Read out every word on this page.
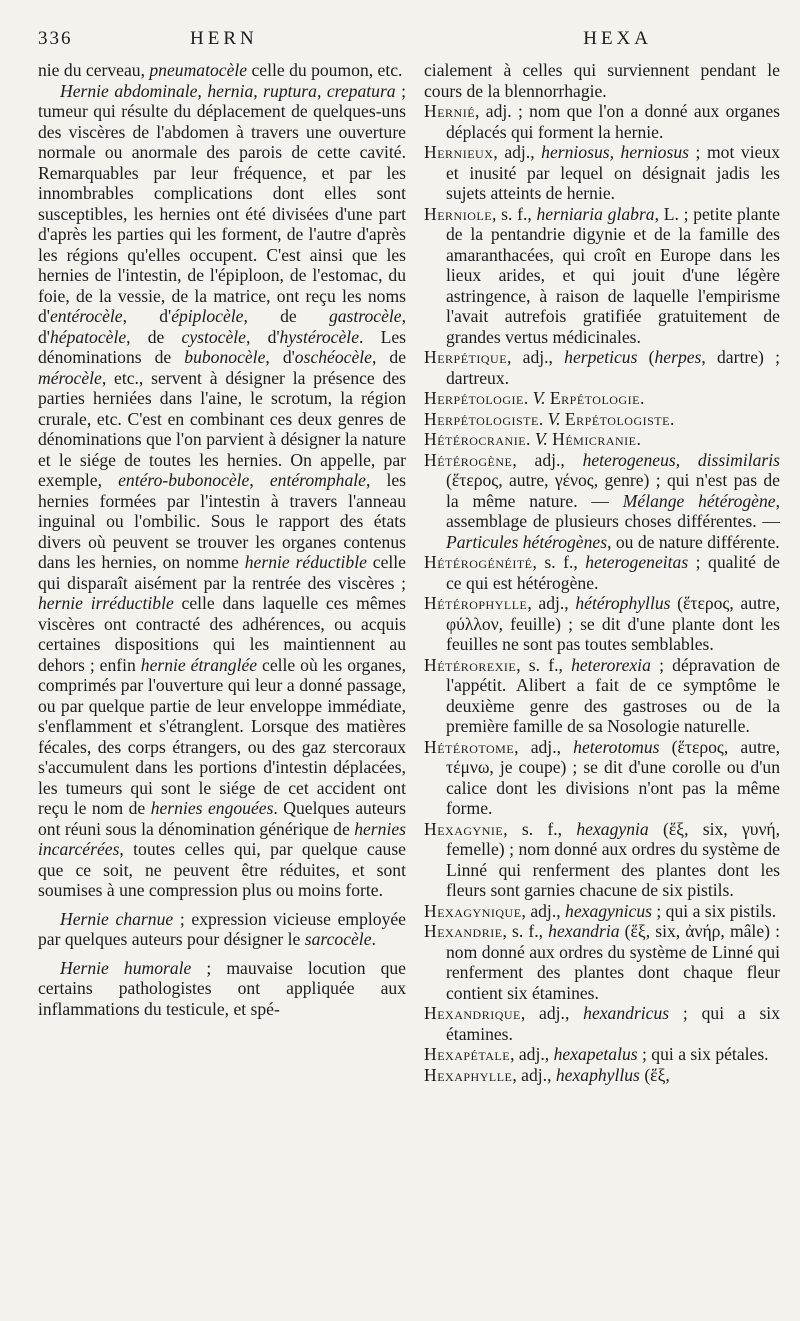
336	HERN	HEXA

nie du cerveau, pneumatocèle celle du poumon, etc.

Hernie abdominale, hernia, ruptura, crepatura ; tumeur qui résulte du déplacement de quelques-uns des viscères de l'abdomen à travers une ouverture normale ou anormale des parois de cette cavité. Remarquables par leur fréquence, et par les innombrables complications dont elles sont susceptibles, les hernies ont été divisées d'une part d'après les parties qui les forment, de l'autre d'après les régions qu'elles occupent. C'est ainsi que les hernies de l'intestin, de l'épiploon, de l'estomac, du foie, de la vessie, de la matrice, ont reçu les noms d'entérocèle, d'épiplocèle, de gastrocèle, d'hépatocèle, de cystocèle, d'hystérocèle. Les dénominations de bubonocèle, d'oschéocèle, de mérocèle, etc., servent à désigner la présence des parties herniées dans l'aine, le scrotum, la région crurale, etc. C'est en combinant ces deux genres de dénominations que l'on parvient à désigner la nature et le siége de toutes les hernies. On appelle, par exemple, entéro-bubonocèle, entéromphale, les hernies formées par l'intestin à travers l'anneau inguinal ou l'ombilic. Sous le rapport des états divers où peuvent se trouver les organes contenus dans les hernies, on nomme hernie réductible celle qui disparaît aisément par la rentrée des viscères ; hernie irréductible celle dans laquelle ces mêmes viscères ont contracté des adhérences, ou acquis certaines dispositions qui les maintiennent au dehors ; enfin hernie étranglée celle où les organes, comprimés par l'ouverture qui leur a donné passage, ou par quelque partie de leur enveloppe immédiate, s'enflamment et s'étranglent. Lorsque des matières fécales, des corps étrangers, ou des gaz stercoraux s'accumulent dans les portions d'intestin déplacées, les tumeurs qui sont le siége de cet accident ont reçu le nom de hernies engouées. Quelques auteurs ont réuni sous la dénomination générique de hernies incarcérées, toutes celles qui, par quelque cause que ce soit, ne peuvent être réduites, et sont soumises à une compression plus ou moins forte.

Hernie charnue ; expression vicieuse employée par quelques auteurs pour désigner le sarcocèle.

Hernie humorale ; mauvaise locution que certains pathologistes ont appliquée aux inflammations du testicule, et spé-

cialement à celles qui surviennent pendant le cours de la blennorrhagie.

Hernié, adj. ; nom que l'on a donné aux organes déplacés qui forment la hernie.

Hernieux, adj., herniosus, herniosus ; mot vieux et inusité par lequel on désignait jadis les sujets atteints de hernie.

Herniole, s. f., herniaria glabra, L. ; petite plante de la pentandrie digynie et de la famille des amaranthacées, qui croît en Europe dans les lieux arides, et qui jouit d'une légère astringence, à raison de laquelle l'empirisme l'avait autrefois gratifiée gratuitement de grandes vertus médicinales.

Herpétique, adj., herpeticus (herpes, dartre) ; dartreux.

Herpétologie. V. Erpétologie.

Herpétologiste. V. Erpétologiste.

Hétérocranie. V. Hémicranie.

Hétérogène, adj., heterogeneus, dissimilaris (ἕτερος, autre, γένος, genre) ; qui n'est pas de la même nature. — Mélange hétérogène, assemblage de plusieurs choses différentes. — Particules hétérogènes, ou de nature différente.

Hétérogénéité, s. f., heterogeneitas ; qualité de ce qui est hétérogène.

Hétérophylle, adj., hétérophyllus (ἕτερος, autre, φύλλον, feuille) ; se dit d'une plante dont les feuilles ne sont pas toutes semblables.

Hétérorexie, s. f., heterorexia ; dépravation de l'appétit. Alibert a fait de ce symptôme le deuxième genre des gastroses ou de la première famille de sa Nosologie naturelle.

Hétérotome, adj., heterotomus (ἕτερος, autre, τέμνω, je coupe) ; se dit d'une corolle ou d'un calice dont les divisions n'ont pas la même forme.

Hexagynie, s. f., hexagynia (ἕξ, six, γυνή, femelle) ; nom donné aux ordres du système de Linné qui renferment des plantes dont les fleurs sont garnies chacune de six pistils.

Hexagynique, adj., hexagynicus ; qui a six pistils.

Hexandrie, s. f., hexandria (ἕξ, six, ἀνήρ, mâle) : nom donné aux ordres du système de Linné qui renferment des plantes dont chaque fleur contient six étamines.

Hexandrique, adj., hexandricus ; qui a six étamines.

Hexapétale, adj., hexapetalus ; qui a six pétales.

Hexaphylle, adj., hexaphyllus (ἕξ,
